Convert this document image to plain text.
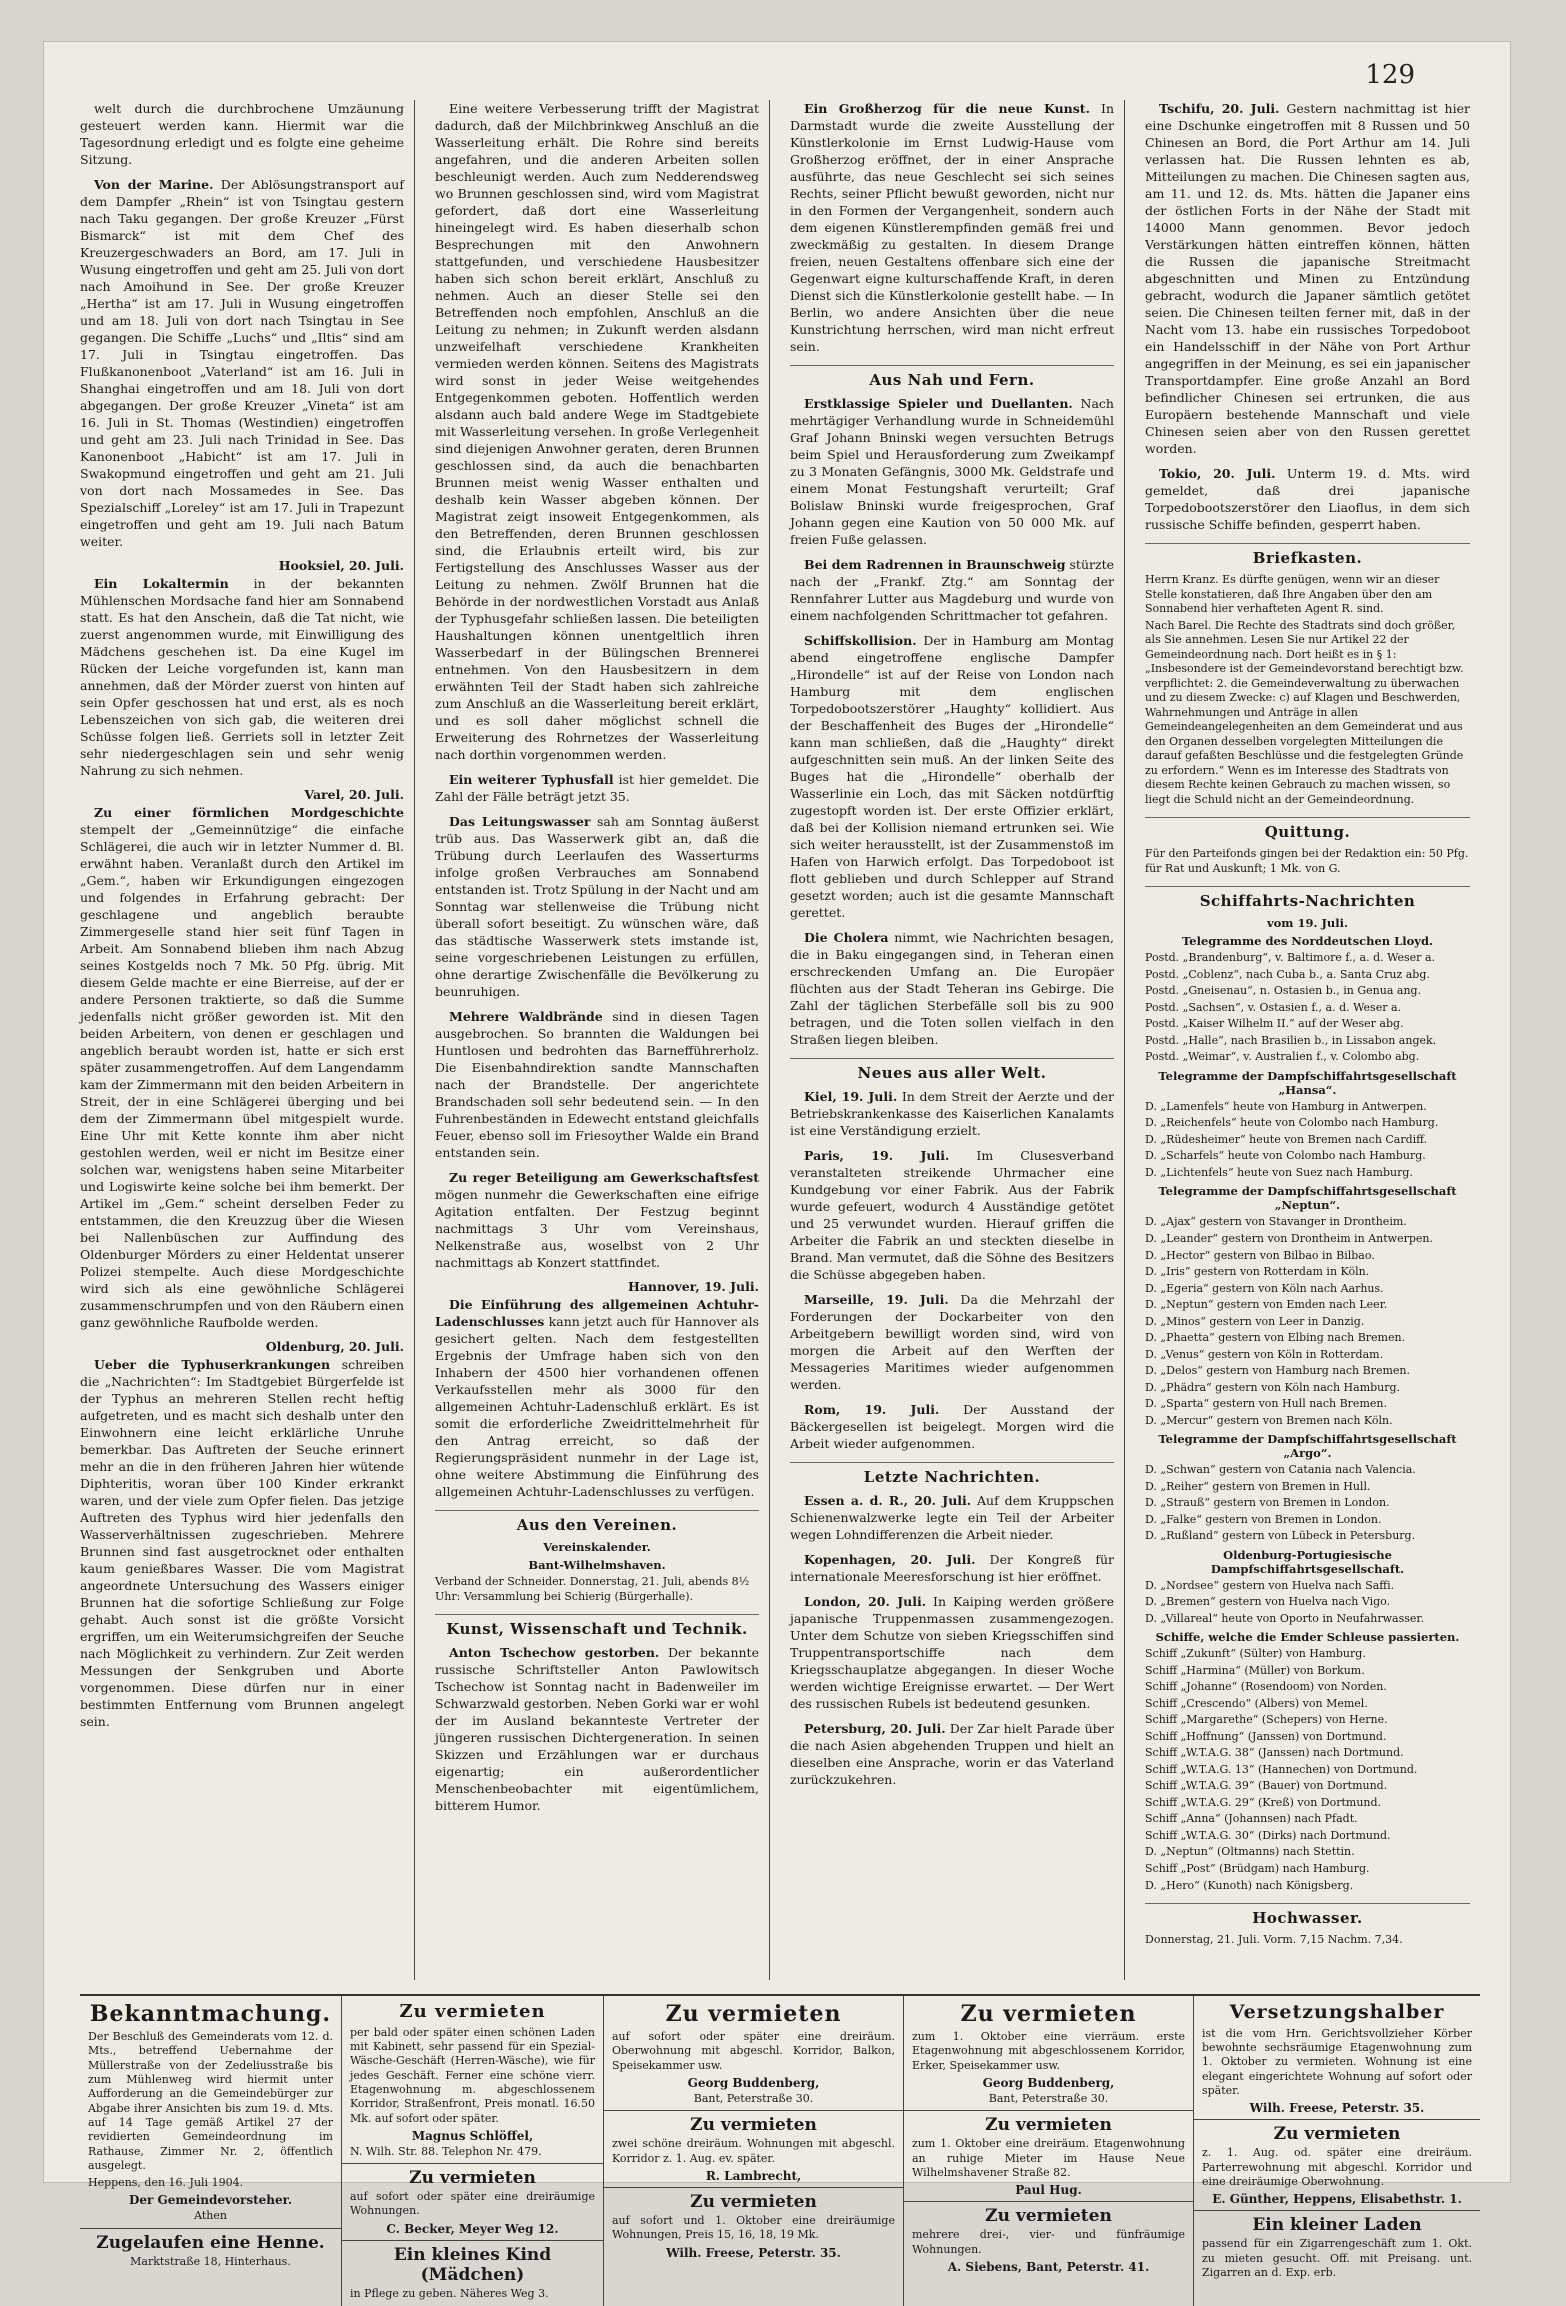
129

welt durch die durchbrochene Umzäunung gesteuert werden kann. Hiermit war die Tagesordnung erledigt und es folgte eine geheime Sitzung.

Von der Marine. Der Ablösungstransport auf dem Dampfer „Rhein“ ist von Tsingtau gestern nach Taku gegangen. Der große Kreuzer „Fürst Bismarck“ ist mit dem Chef des Kreuzergeschwaders an Bord, am 17. Juli in Wusung eingetroffen und geht am 25. Juli von dort nach Amoihund in See. Der große Kreuzer „Hertha“ ist am 17. Juli in Wusung eingetroffen und am 18. Juli von dort nach Tsingtau in See gegangen. Die Schiffe „Luchs“ und „Iltis“ sind am 17. Juli in Tsingtau eingetroffen. Das Flußkanonenboot „Vaterland“ ist am 16. Juli in Shanghai eingetroffen und am 18. Juli von dort abgegangen. Der große Kreuzer „Vineta“ ist am 16. Juli in St. Thomas (Westindien) eingetroffen und geht am 23. Juli nach Trinidad in See. Das Kanonenboot „Habicht“ ist am 17. Juli in Swakopmund eingetroffen und geht am 21. Juli von dort nach Mossamedes in See. Das Spezialschiff „Loreley“ ist am 17. Juli in Trapezunt eingetroffen und geht am 19. Juli nach Batum weiter.

Hooksiel, 20. Juli.

Ein Lokaltermin in der bekannten Mühlenschen Mordsache fand hier am Sonnabend statt. Es hat den Anschein, daß die Tat nicht, wie zuerst angenommen wurde, mit Einwilligung des Mädchens geschehen ist. Da eine Kugel im Rücken der Leiche vorgefunden ist, kann man annehmen, daß der Mörder zuerst von hinten auf sein Opfer geschossen hat und erst, als es noch Lebenszeichen von sich gab, die weiteren drei Schüsse folgen ließ. Gerriets soll in letzter Zeit sehr niedergeschlagen sein und sehr wenig Nahrung zu sich nehmen.

Varel, 20. Juli.

Zu einer förmlichen Mordgeschichte stempelt der „Gemeinnützige“ die einfache Schlägerei, die auch wir in letzter Nummer d. Bl. erwähnt haben. Veranlaßt durch den Artikel im „Gem.“, haben wir Erkundigungen eingezogen und folgendes in Erfahrung gebracht: Der geschlagene und angeblich beraubte Zimmergeselle stand hier seit fünf Tagen in Arbeit. Am Sonnabend blieben ihm nach Abzug seines Kostgelds noch 7 Mk. 50 Pfg. übrig. Mit diesem Gelde machte er eine Bierreise, auf der er andere Personen traktierte, so daß die Summe jedenfalls nicht größer geworden ist. Mit den beiden Arbeitern, von denen er geschlagen und angeblich beraubt worden ist, hatte er sich erst später zusammengetroffen. Auf dem Langendamm kam der Zimmermann mit den beiden Arbeitern in Streit, der in eine Schlägerei überging und bei dem der Zimmermann übel mitgespielt wurde. Eine Uhr mit Kette konnte ihm aber nicht gestohlen werden, weil er nicht im Besitze einer solchen war, wenigstens haben seine Mitarbeiter und Logiswirte keine solche bei ihm bemerkt. Der Artikel im „Gem.“ scheint derselben Feder zu entstammen, die den Kreuzzug über die Wiesen bei Nallenbüschen zur Auffindung des Oldenburger Mörders zu einer Heldentat unserer Polizei stempelte. Auch diese Mordgeschichte wird sich als eine gewöhnliche Schlägerei zusammenschrumpfen und von den Räubern einen ganz gewöhnliche Raufbolde werden.

Oldenburg, 20. Juli.

Ueber die Typhuserkrankungen schreiben die „Nachrichten“: Im Stadtgebiet Bürgerfelde ist der Typhus an mehreren Stellen recht heftig aufgetreten, und es macht sich deshalb unter den Einwohnern eine leicht erklärliche Unruhe bemerkbar. Das Auftreten der Seuche erinnert mehr an die in den früheren Jahren hier wütende Diphteritis, woran über 100 Kinder erkrankt waren, und der viele zum Opfer fielen. Das jetzige Auftreten des Typhus wird hier jedenfalls den Wasserverhältnissen zugeschrieben. Mehrere Brunnen sind fast ausgetrocknet oder enthalten kaum genießbares Wasser. Die vom Magistrat angeordnete Untersuchung des Wassers einiger Brunnen hat die sofortige Schließung zur Folge gehabt. Auch sonst ist die größte Vorsicht ergriffen, um ein Weiterumsichgreifen der Seuche nach Möglichkeit zu verhindern. Zur Zeit werden Messungen der Senkgruben und Aborte vorgenommen. Diese dürfen nur in einer bestimmten Entfernung vom Brunnen angelegt sein.

Eine weitere Verbesserung trifft der Magistrat dadurch, daß der Milchbrinkweg Anschluß an die Wasserleitung erhält. Die Rohre sind bereits angefahren, und die anderen Arbeiten sollen beschleunigt werden. Auch zum Nedderendsweg wo Brunnen geschlossen sind, wird vom Magistrat gefordert, daß dort eine Wasserleitung hineingelegt wird. Es haben dieserhalb schon Besprechungen mit den Anwohnern stattgefunden, und verschiedene Hausbesitzer haben sich schon bereit erklärt, Anschluß zu nehmen. Auch an dieser Stelle sei den Betreffenden noch empfohlen, Anschluß an die Leitung zu nehmen; in Zukunft werden alsdann unzweifelhaft verschiedene Krankheiten vermieden werden können. Seitens des Magistrats wird sonst in jeder Weise weitgehendes Entgegenkommen geboten. Hoffentlich werden alsdann auch bald andere Wege im Stadtgebiete mit Wasserleitung versehen. In große Verlegenheit sind diejenigen Anwohner geraten, deren Brunnen geschlossen sind, da auch die benachbarten Brunnen meist wenig Wasser enthalten und deshalb kein Wasser abgeben können. Der Magistrat zeigt insoweit Entgegenkommen, als den Betreffenden, deren Brunnen geschlossen sind, die Erlaubnis erteilt wird, bis zur Fertigstellung des Anschlusses Wasser aus der Leitung zu nehmen. Zwölf Brunnen hat die Behörde in der nordwestlichen Vorstadt aus Anlaß der Typhusgefahr schließen lassen. Die beteiligten Haushaltungen können unentgeltlich ihren Wasserbedarf in der Bülingschen Brennerei entnehmen. Von den Hausbesitzern in dem erwähnten Teil der Stadt haben sich zahlreiche zum Anschluß an die Wasserleitung bereit erklärt, und es soll daher möglichst schnell die Erweiterung des Rohrnetzes der Wasserleitung nach dorthin vorgenommen werden.

Ein weiterer Typhusfall ist hier gemeldet. Die Zahl der Fälle beträgt jetzt 35.

Das Leitungswasser sah am Sonntag äußerst trüb aus. Das Wasserwerk gibt an, daß die Trübung durch Leerlaufen des Wasserturms infolge großen Verbrauches am Sonnabend entstanden ist. Trotz Spülung in der Nacht und am Sonntag war stellenweise die Trübung nicht überall sofort beseitigt. Zu wünschen wäre, daß das städtische Wasserwerk stets imstande ist, seine vorgeschriebenen Leistungen zu erfüllen, ohne derartige Zwischenfälle die Bevölkerung zu beunruhigen.

Mehrere Waldbrände sind in diesen Tagen ausgebrochen. So brannten die Waldungen bei Huntlosen und bedrohten das Barnefführerholz. Die Eisenbahndirektion sandte Mannschaften nach der Brandstelle. Der angerichtete Brandschaden soll sehr bedeutend sein. — In den Fuhrenbeständen in Edewecht entstand gleichfalls Feuer, ebenso soll im Friesoyther Walde ein Brand entstanden sein.

Zu reger Beteiligung am Gewerkschaftsfest mögen nunmehr die Gewerkschaften eine eifrige Agitation entfalten. Der Festzug beginnt nachmittags 3 Uhr vom Vereinshaus, Nelkenstraße aus, woselbst von 2 Uhr nachmittags ab Konzert stattfindet.

Hannover, 19. Juli.

Die Einführung des allgemeinen Achtuhr-Ladenschlusses kann jetzt auch für Hannover als gesichert gelten. Nach dem festgestellten Ergebnis der Umfrage haben sich von den Inhabern der 4500 hier vorhandenen offenen Verkaufsstellen mehr als 3000 für den allgemeinen Achtuhr-Ladenschluß erklärt. Es ist somit die erforderliche Zweidrittelmehrheit für den Antrag erreicht, so daß der Regierungspräsident nunmehr in der Lage ist, ohne weitere Abstimmung die Einführung des allgemeinen Achtuhr-Ladenschlusses zu verfügen.

Aus den Vereinen.
Vereinskalender.
Bant-Wilhelmshaven.

Verband der Schneider. Donnerstag, 21. Juli, abends 8½ Uhr: Versammlung bei Schierig (Bürgerhalle).

Kunst, Wissenschaft und Technik.

Anton Tschechow gestorben. Der bekannte russische Schriftsteller Anton Pawlowitsch Tschechow ist Sonntag nacht in Badenweiler im Schwarzwald gestorben. Neben Gorki war er wohl der im Ausland bekannteste Vertreter der jüngeren russischen Dichtergeneration. In seinen Skizzen und Erzählungen war er durchaus eigenartig; ein außerordentlicher Menschenbeobachter mit eigentümlichem, bitterem Humor.

Ein Großherzog für die neue Kunst. In Darmstadt wurde die zweite Ausstellung der Künstlerkolonie im Ernst Ludwig-Hause vom Großherzog eröffnet, der in einer Ansprache ausführte, das neue Geschlecht sei sich seines Rechts, seiner Pflicht bewußt geworden, nicht nur in den Formen der Vergangenheit, sondern auch dem eigenen Künstlerempfinden gemäß frei und zweckmäßig zu gestalten. In diesem Drange freien, neuen Gestaltens offenbare sich eine der Gegenwart eigne kulturschaffende Kraft, in deren Dienst sich die Künstlerkolonie gestellt habe. — In Berlin, wo andere Ansichten über die neue Kunstrichtung herrschen, wird man nicht erfreut sein.

Aus Nah und Fern.

Erstklassige Spieler und Duellanten. Nach mehrtägiger Verhandlung wurde in Schneidemühl Graf Johann Bninski wegen versuchten Betrugs beim Spiel und Herausforderung zum Zweikampf zu 3 Monaten Gefängnis, 3000 Mk. Geldstrafe und einem Monat Festungshaft verurteilt; Graf Bolislaw Bninski wurde freigesprochen, Graf Johann gegen eine Kaution von 50 000 Mk. auf freien Fuße gelassen.

Bei dem Radrennen in Braunschweig stürzte nach der „Frankf. Ztg.“ am Sonntag der Rennfahrer Lutter aus Magdeburg und wurde von einem nachfolgenden Schrittmacher tot gefahren.

Schiffskollision. Der in Hamburg am Montag abend eingetroffene englische Dampfer „Hirondelle“ ist auf der Reise von London nach Hamburg mit dem englischen Torpedobootszerstörer „Haughty“ kollidiert. Aus der Beschaffenheit des Buges der „Hirondelle“ kann man schließen, daß die „Haughty“ direkt aufgeschnitten sein muß. An der linken Seite des Buges hat die „Hirondelle“ oberhalb der Wasserlinie ein Loch, das mit Säcken notdürftig zugestopft worden ist. Der erste Offizier erklärt, daß bei der Kollision niemand ertrunken sei. Wie sich weiter herausstellt, ist der Zusammenstoß im Hafen von Harwich erfolgt. Das Torpedoboot ist flott geblieben und durch Schlepper auf Strand gesetzt worden; auch ist die gesamte Mannschaft gerettet.

Die Cholera nimmt, wie Nachrichten besagen, die in Baku eingegangen sind, in Teheran einen erschreckenden Umfang an. Die Europäer flüchten aus der Stadt Teheran ins Gebirge. Die Zahl der täglichen Sterbefälle soll bis zu 900 betragen, und die Toten sollen vielfach in den Straßen liegen bleiben.

Neues aus aller Welt.

Kiel, 19. Juli. In dem Streit der Aerzte und der Betriebskrankenkasse des Kaiserlichen Kanalamts ist eine Verständigung erzielt.

Paris, 19. Juli. Im Clusesverband veranstalteten streikende Uhrmacher eine Kundgebung vor einer Fabrik. Aus der Fabrik wurde gefeuert, wodurch 4 Ausständige getötet und 25 verwundet wurden. Hierauf griffen die Arbeiter die Fabrik an und steckten dieselbe in Brand. Man vermutet, daß die Söhne des Besitzers die Schüsse abgegeben haben.

Marseille, 19. Juli. Da die Mehrzahl der Forderungen der Dockarbeiter von den Arbeitgebern bewilligt worden sind, wird von morgen die Arbeit auf den Werften der Messageries Maritimes wieder aufgenommen werden.

Rom, 19. Juli. Der Ausstand der Bäckergesellen ist beigelegt. Morgen wird die Arbeit wieder aufgenommen.

Letzte Nachrichten.

Essen a. d. R., 20. Juli. Auf dem Kruppschen Schienenwalzwerke legte ein Teil der Arbeiter wegen Lohndifferenzen die Arbeit nieder.

Kopenhagen, 20. Juli. Der Kongreß für internationale Meeresforschung ist hier eröffnet.

London, 20. Juli. In Kaiping werden größere japanische Truppenmassen zusammengezogen. Unter dem Schutze von sieben Kriegsschiffen sind Truppentransportschiffe nach dem Kriegsschauplatze abgegangen. In dieser Woche werden wichtige Ereignisse erwartet. — Der Wert des russischen Rubels ist bedeutend gesunken.

Petersburg, 20. Juli. Der Zar hielt Parade über die nach Asien abgehenden Truppen und hielt an dieselben eine Ansprache, worin er das Vaterland zurückzukehren.

Tschifu, 20. Juli. Gestern nachmittag ist hier eine Dschunke eingetroffen mit 8 Russen und 50 Chinesen an Bord, die Port Arthur am 14. Juli verlassen hat. Die Russen lehnten es ab, Mitteilungen zu machen. Die Chinesen sagten aus, am 11. und 12. ds. Mts. hätten die Japaner eins der östlichen Forts in der Nähe der Stadt mit 14000 Mann genommen. Bevor jedoch Verstärkungen hätten eintreffen können, hätten die Russen die japanische Streitmacht abgeschnitten und Minen zu Entzündung gebracht, wodurch die Japaner sämtlich getötet seien. Die Chinesen teilten ferner mit, daß in der Nacht vom 13. habe ein russisches Torpedoboot ein Handelsschiff in der Nähe von Port Arthur angegriffen in der Meinung, es sei ein japanischer Transportdampfer. Eine große Anzahl an Bord befindlicher Chinesen sei ertrunken, die aus Europäern bestehende Mannschaft und viele Chinesen seien aber von den Russen gerettet worden.

Tokio, 20. Juli. Unterm 19. d. Mts. wird gemeldet, daß drei japanische Torpedobootszerstörer den Liaoflus, in dem sich russische Schiffe befinden, gesperrt haben.

Briefkasten.

Herrn Kranz. Es dürfte genügen, wenn wir an dieser Stelle konstatieren, daß Ihre Angaben über den am Sonnabend hier verhafteten Agent R. sind.

Nach Barel. Die Rechte des Stadtrats sind doch größer, als Sie annehmen. Lesen Sie nur Artikel 22 der Gemeindeordnung nach. Dort heißt es in § 1: „Insbesondere ist der Gemeindevorstand berechtigt bzw. verpflichtet: 2. die Gemeindeverwaltung zu überwachen und zu diesem Zwecke: c) auf Klagen und Beschwerden, Wahrnehmungen und Anträge in allen Gemeindeangelegenheiten an dem Gemeinderat und aus den Organen desselben vorgelegten Mitteilungen die darauf gefaßten Beschlüsse und die festgelegten Gründe zu erfordern.“ Wenn es im Interesse des Stadtrats von diesem Rechte keinen Gebrauch zu machen wissen, so liegt die Schuld nicht an der Gemeindeordnung.

Quittung.

Für den Parteifonds gingen bei der Redaktion ein: 50 Pfg. für Rat und Auskunft; 1 Mk. von G.

Schiffahrts-Nachrichten
vom 19. Juli.
Telegramme des Norddeutschen Lloyd.
Postd. „Brandenburg“, v. Baltimore f., a. d. Weser a.
Postd. „Coblenz“, nach Cuba b., a. Santa Cruz abg.
Postd. „Gneisenau“, n. Ostasien b., in Genua ang.
Postd. „Sachsen“, v. Ostasien f., a. d. Weser a.
Postd. „Kaiser Wilhelm II.“ auf der Weser abg.
Postd. „Halle“, nach Brasilien b., in Lissabon angek.
Postd. „Weimar“, v. Australien f., v. Colombo abg.
Telegramme der Dampfschiffahrtsgesellschaft „Hansa“.
D. „Lamenfels“ heute von Hamburg in Antwerpen.
D. „Reichenfels“ heute von Colombo nach Hamburg.
D. „Rüdesheimer“ heute von Bremen nach Cardiff.
D. „Scharfels“ heute von Colombo nach Hamburg.
D. „Lichtenfels“ heute von Suez nach Hamburg.
Telegramme der Dampfschiffahrtsgesellschaft „Neptun“.
D. „Ajax“ gestern von Stavanger in Drontheim.
D. „Leander“ gestern von Drontheim in Antwerpen.
D. „Hector“ gestern von Bilbao in Bilbao.
D. „Iris“ gestern von Rotterdam in Köln.
D. „Egeria“ gestern von Köln nach Aarhus.
D. „Neptun“ gestern von Emden nach Leer.
D. „Minos“ gestern von Leer in Danzig.
D. „Phaetta“ gestern von Elbing nach Bremen.
D. „Venus“ gestern von Köln in Rotterdam.
D. „Delos“ gestern von Hamburg nach Bremen.
D. „Phädra“ gestern von Köln nach Hamburg.
D. „Sparta“ gestern von Hull nach Bremen.
D. „Mercur“ gestern von Bremen nach Köln.
Telegramme der Dampfschiffahrtsgesellschaft „Argo“.
D. „Schwan“ gestern von Catania nach Valencia.
D. „Reiher“ gestern von Bremen in Hull.
D. „Strauß“ gestern von Bremen in London.
D. „Falke“ gestern von Bremen in London.
D. „Rußland“ gestern von Lübeck in Petersburg.
Oldenburg-Portugiesische Dampfschiffahrtsgesellschaft.
D. „Nordsee“ gestern von Huelva nach Saffi.
D. „Bremen“ gestern von Huelva nach Vigo.
D. „Villareal“ heute von Oporto in Neufahrwasser.
Schiffe, welche die Emder Schleuse passierten.
Schiff „Zukunft“ (Sülter) von Hamburg.
Schiff „Harmina“ (Müller) von Borkum.
Schiff „Johanne“ (Rosendoom) von Norden.
Schiff „Crescendo“ (Albers) von Memel.
Schiff „Margarethe“ (Schepers) von Herne.
Schiff „Hoffnung“ (Janssen) von Dortmund.
Schiff „W.T.A.G. 38“ (Janssen) nach Dortmund.
Schiff „W.T.A.G. 13“ (Hannechen) von Dortmund.
Schiff „W.T.A.G. 39“ (Bauer) von Dortmund.
Schiff „W.T.A.G. 29“ (Kreß) von Dortmund.
Schiff „Anna“ (Johannsen) nach Pfadt.
Schiff „W.T.A.G. 30“ (Dirks) nach Dortmund.
D. „Neptun“ (Oltmanns) nach Stettin.
Schiff „Post“ (Brüdgam) nach Hamburg.
D. „Hero“ (Kunoth) nach Königsberg.
Hochwasser.

Donnerstag, 21. Juli. Vorm. 7,15 Nachm. 7,34.

Bekanntmachung.

Der Beschluß des Gemeinderats vom 12. d. Mts., betreffend Uebernahme der Müllerstraße von der Zedeliusstraße bis zum Mühlenweg wird hiermit unter Aufforderung an die Gemeindebürger zur Abgabe ihrer Ansichten bis zum 19. d. Mts. auf 14 Tage gemäß Artikel 27 der revidierten Gemeindeordnung im Rathause, Zimmer Nr. 2, öffentlich ausgelegt.

Heppens, den 16. Juli 1904.
Der Gemeindevorsteher.
Athen
Zugelaufen eine Henne.
Marktstraße 18, Hinterhaus.
Zu vermieten

per bald oder später einen schönen Laden mit Kabinett, sehr passend für ein Spezial-Wäsche-Geschäft (Herren-Wäsche), wie für jedes Geschäft. Ferner eine schöne vierr. Etagenwohnung m. abgeschlossenem Korridor, Straßenfront, Preis monatl. 16.50 Mk. auf sofort oder später.

Magnus Schlöffel,
N. Wilh. Str. 88. Telephon Nr. 479.
Zu vermieten
auf sofort oder später eine dreiräumige Wohnungen.
C. Becker, Meyer Weg 12.
Ein kleines Kind (Mädchen)
in Pflege zu geben. Näheres Weg 3.
Zu vermieten

auf sofort oder später eine dreiräum. Oberwohnung mit abgeschl. Korridor, Balkon, Speisekammer usw.

Georg Buddenberg,
Bant, Peterstraße 30.
Zu vermieten
zwei schöne dreiräum. Wohnungen mit abgeschl. Korridor z. 1. Aug. ev. später.
R. Lambrecht,
Zu vermieten
auf sofort und 1. Oktober eine dreiräumige Wohnungen, Preis 15, 16, 18, 19 Mk.
Wilh. Freese, Peterstr. 35.
Zu vermieten

zum 1. Oktober eine vierräum. erste Etagenwohnung mit abgeschlossenem Korridor, Erker, Speisekammer usw.

Georg Buddenberg,
Bant, Peterstraße 30.
Zu vermieten
zum 1. Oktober eine dreiräum. Etagenwohnung an ruhige Mieter im Hause Neue Wilhelmshavener Straße 82.
Paul Hug.
Zu vermieten
mehrere drei-, vier- und fünfräumige Wohnungen.
A. Siebens, Bant, Peterstr. 41.
Versetzungshalber

ist die vom Hrn. Gerichtsvollzieher Körber bewohnte sechsräumige Etagenwohnung zum 1. Oktober zu vermieten. Wohnung ist eine elegant eingerichtete Wohnung auf sofort oder später.

Wilh. Freese, Peterstr. 35.
Zu vermieten
z. 1. Aug. od. später eine dreiräum. Parterrewohnung mit abgeschl. Korridor und eine dreiräumige Oberwohnung.
E. Günther, Heppens, Elisabethstr. 1.
Ein kleiner Laden
passend für ein Zigarrengeschäft zum 1. Okt. zu mieten gesucht. Off. mit Preisang. unt. Zigarren an d. Exp. erb.
